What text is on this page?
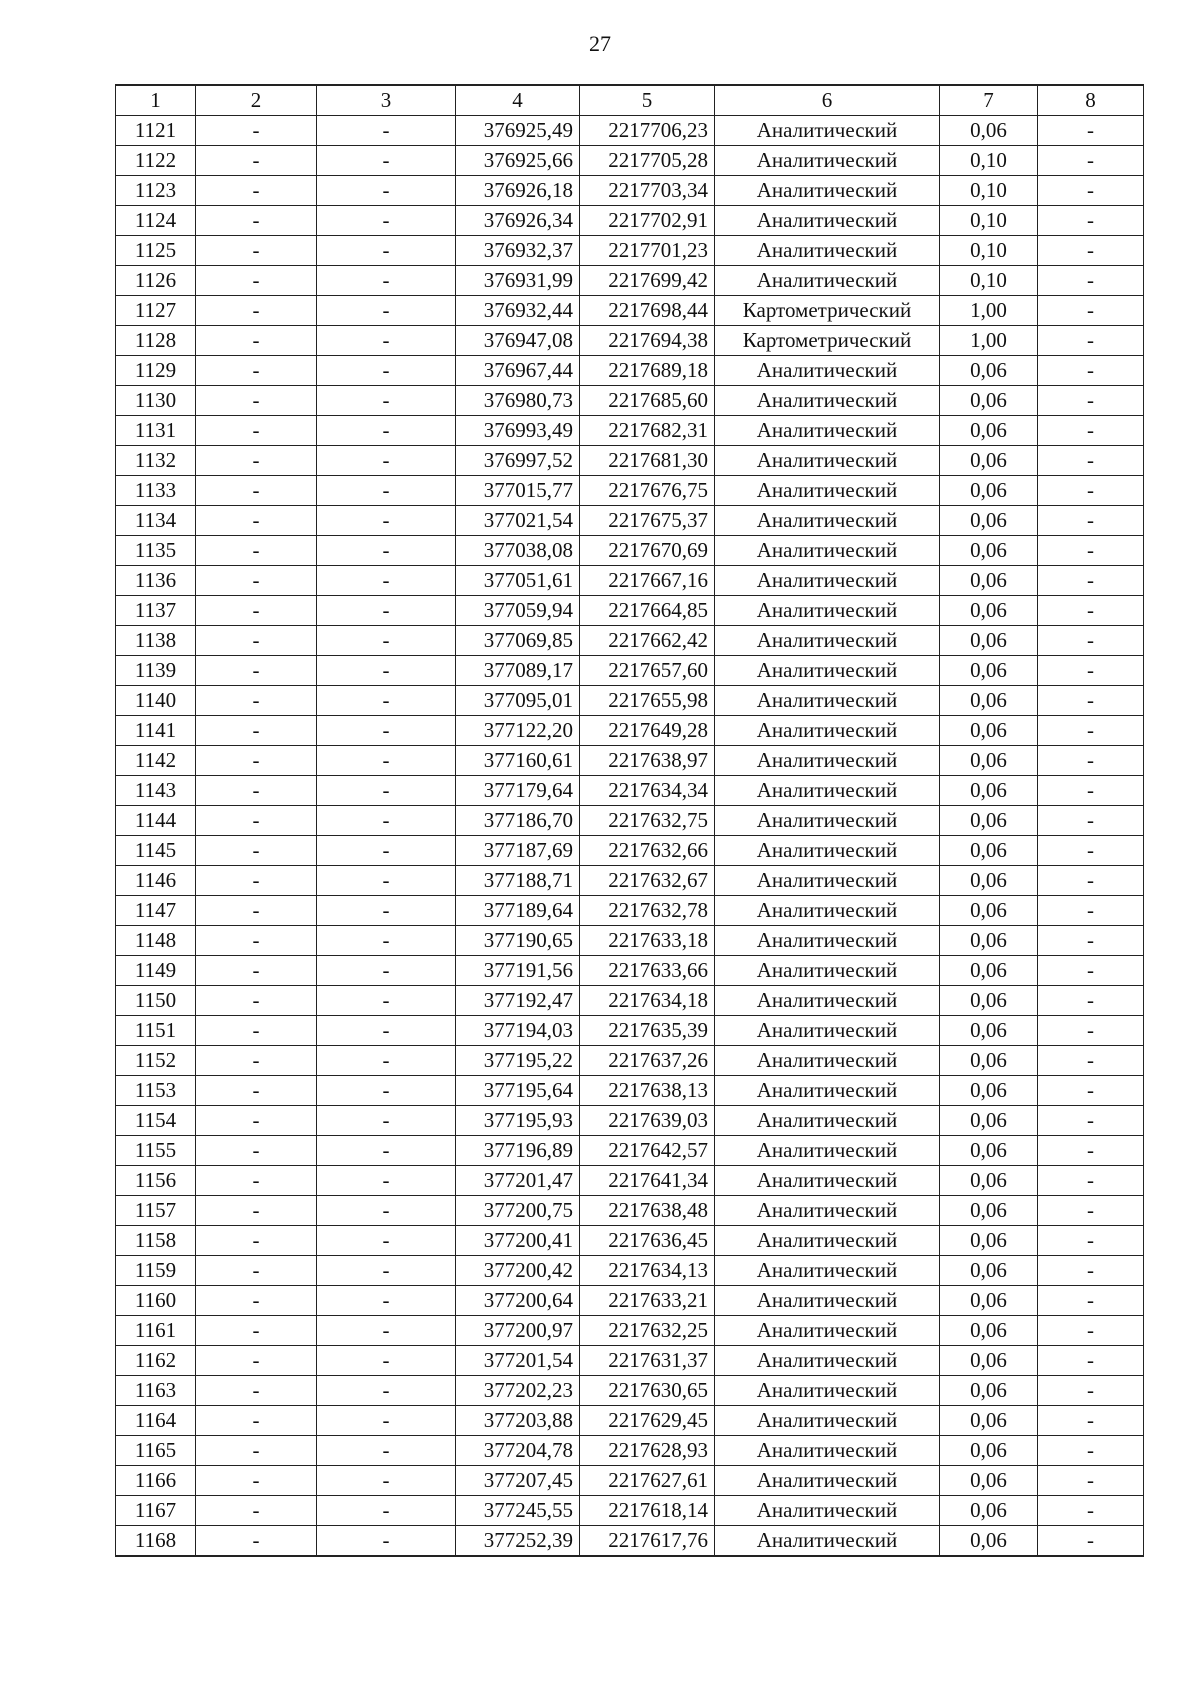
27
1	2	3	4	5	6	7	8
1121	-	-	376925,49	2217706,23	Аналитический	0,06	-
1122	-	-	376925,66	2217705,28	Аналитический	0,10	-
1123	-	-	376926,18	2217703,34	Аналитический	0,10	-
1124	-	-	376926,34	2217702,91	Аналитический	0,10	-
1125	-	-	376932,37	2217701,23	Аналитический	0,10	-
1126	-	-	376931,99	2217699,42	Аналитический	0,10	-
1127	-	-	376932,44	2217698,44	Картометрический	1,00	-
1128	-	-	376947,08	2217694,38	Картометрический	1,00	-
1129	-	-	376967,44	2217689,18	Аналитический	0,06	-
1130	-	-	376980,73	2217685,60	Аналитический	0,06	-
1131	-	-	376993,49	2217682,31	Аналитический	0,06	-
1132	-	-	376997,52	2217681,30	Аналитический	0,06	-
1133	-	-	377015,77	2217676,75	Аналитический	0,06	-
1134	-	-	377021,54	2217675,37	Аналитический	0,06	-
1135	-	-	377038,08	2217670,69	Аналитический	0,06	-
1136	-	-	377051,61	2217667,16	Аналитический	0,06	-
1137	-	-	377059,94	2217664,85	Аналитический	0,06	-
1138	-	-	377069,85	2217662,42	Аналитический	0,06	-
1139	-	-	377089,17	2217657,60	Аналитический	0,06	-
1140	-	-	377095,01	2217655,98	Аналитический	0,06	-
1141	-	-	377122,20	2217649,28	Аналитический	0,06	-
1142	-	-	377160,61	2217638,97	Аналитический	0,06	-
1143	-	-	377179,64	2217634,34	Аналитический	0,06	-
1144	-	-	377186,70	2217632,75	Аналитический	0,06	-
1145	-	-	377187,69	2217632,66	Аналитический	0,06	-
1146	-	-	377188,71	2217632,67	Аналитический	0,06	-
1147	-	-	377189,64	2217632,78	Аналитический	0,06	-
1148	-	-	377190,65	2217633,18	Аналитический	0,06	-
1149	-	-	377191,56	2217633,66	Аналитический	0,06	-
1150	-	-	377192,47	2217634,18	Аналитический	0,06	-
1151	-	-	377194,03	2217635,39	Аналитический	0,06	-
1152	-	-	377195,22	2217637,26	Аналитический	0,06	-
1153	-	-	377195,64	2217638,13	Аналитический	0,06	-
1154	-	-	377195,93	2217639,03	Аналитический	0,06	-
1155	-	-	377196,89	2217642,57	Аналитический	0,06	-
1156	-	-	377201,47	2217641,34	Аналитический	0,06	-
1157	-	-	377200,75	2217638,48	Аналитический	0,06	-
1158	-	-	377200,41	2217636,45	Аналитический	0,06	-
1159	-	-	377200,42	2217634,13	Аналитический	0,06	-
1160	-	-	377200,64	2217633,21	Аналитический	0,06	-
1161	-	-	377200,97	2217632,25	Аналитический	0,06	-
1162	-	-	377201,54	2217631,37	Аналитический	0,06	-
1163	-	-	377202,23	2217630,65	Аналитический	0,06	-
1164	-	-	377203,88	2217629,45	Аналитический	0,06	-
1165	-	-	377204,78	2217628,93	Аналитический	0,06	-
1166	-	-	377207,45	2217627,61	Аналитический	0,06	-
1167	-	-	377245,55	2217618,14	Аналитический	0,06	-
1168	-	-	377252,39	2217617,76	Аналитический	0,06	-
